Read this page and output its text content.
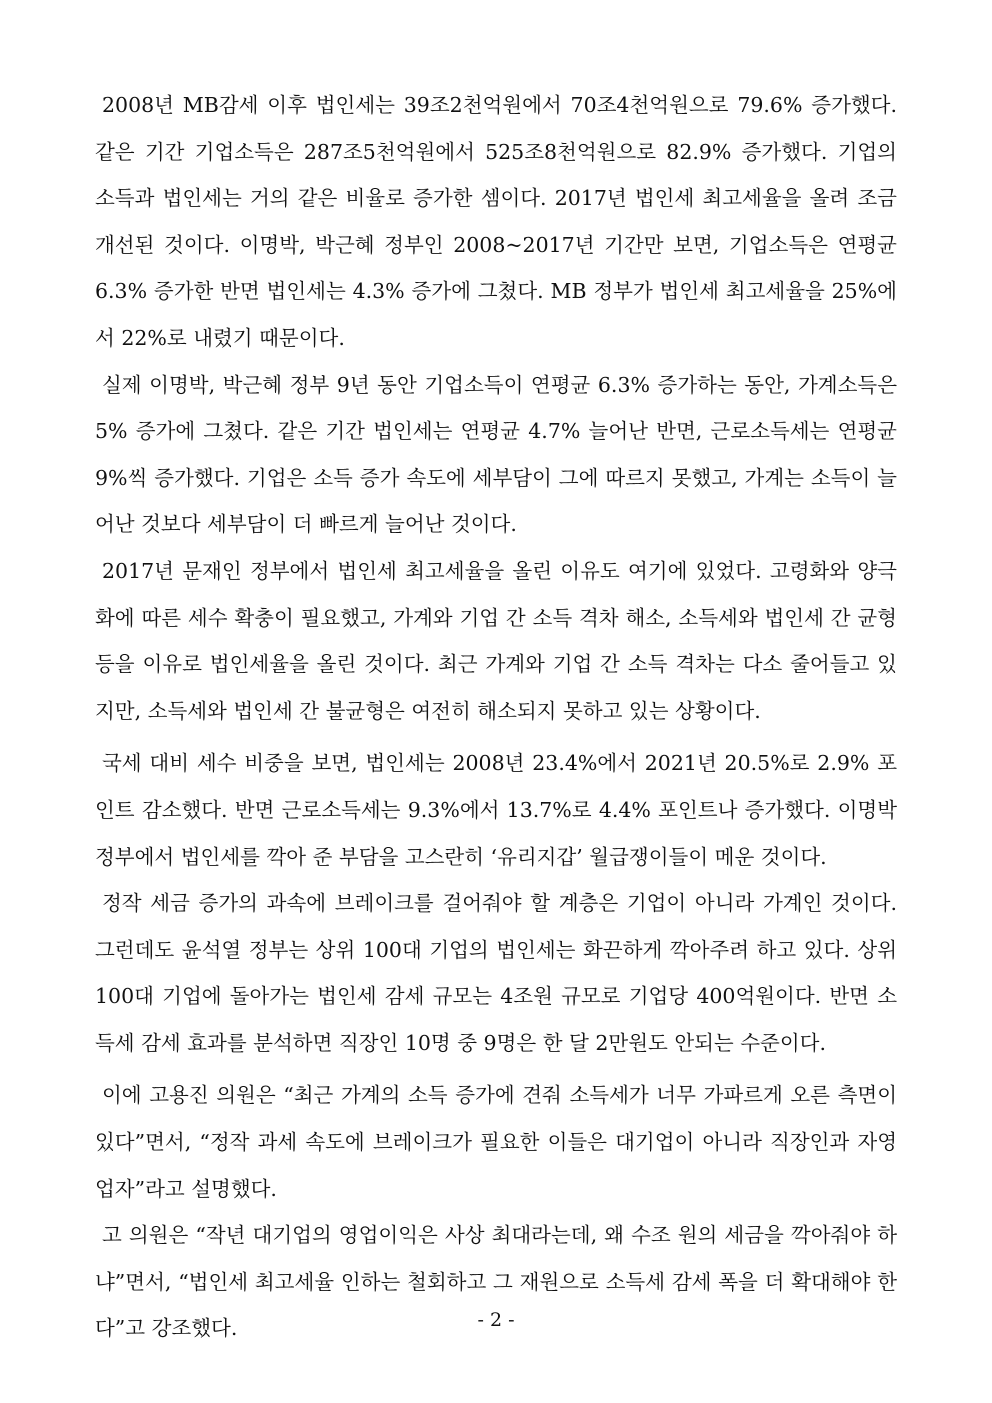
2008년 MB감세 이후 법인세는 39조2천억원에서 70조4천억원으로 79.6% 증가했다. 같은 기간 기업소득은 287조5천억원에서 525조8천억원으로 82.9% 증가했다. 기업의 소득과 법인세는 거의 같은 비율로 증가한 셈이다. 2017년 법인세 최고세율을 올려 조금 개선된 것이다. 이명박, 박근혜 정부인 2008~2017년 기간만 보면, 기업소득은 연평균 6.3% 증가한 반면 법인세는 4.3% 증가에 그쳤다. MB 정부가 법인세 최고세율을 25%에서 22%로 내렸기 때문이다.

실제 이명박, 박근혜 정부 9년 동안 기업소득이 연평균 6.3% 증가하는 동안, 가계소득은 5% 증가에 그쳤다. 같은 기간 법인세는 연평균 4.7% 늘어난 반면, 근로소득세는 연평균 9%씩 증가했다. 기업은 소득 증가 속도에 세부담이 그에 따르지 못했고, 가계는 소득이 늘어난 것보다 세부담이 더 빠르게 늘어난 것이다.

2017년 문재인 정부에서 법인세 최고세율을 올린 이유도 여기에 있었다. 고령화와 양극화에 따른 세수 확충이 필요했고, 가계와 기업 간 소득 격차 해소, 소득세와 법인세 간 균형 등을 이유로 법인세율을 올린 것이다. 최근 가계와 기업 간 소득 격차는 다소 줄어들고 있지만, 소득세와 법인세 간 불균형은 여전히 해소되지 못하고 있는 상황이다.

국세 대비 세수 비중을 보면, 법인세는 2008년 23.4%에서 2021년 20.5%로 2.9% 포인트 감소했다. 반면 근로소득세는 9.3%에서 13.7%로 4.4% 포인트나 증가했다. 이명박 정부에서 법인세를 깍아 준 부담을 고스란히 ‘유리지갑’ 월급쟁이들이 메운 것이다.

정작 세금 증가의 과속에 브레이크를 걸어줘야 할 계층은 기업이 아니라 가계인 것이다. 그런데도 윤석열 정부는 상위 100대 기업의 법인세는 화끈하게 깍아주려 하고 있다. 상위 100대 기업에 돌아가는 법인세 감세 규모는 4조원 규모로 기업당 400억원이다. 반면 소득세 감세 효과를 분석하면 직장인 10명 중 9명은 한 달 2만원도 안되는 수준이다.

이에 고용진 의원은 “최근 가계의 소득 증가에 견줘 소득세가 너무 가파르게 오른 측면이 있다”면서, “정작 과세 속도에 브레이크가 필요한 이들은 대기업이 아니라 직장인과 자영업자”라고 설명했다.

고 의원은 “작년 대기업의 영업이익은 사상 최대라는데, 왜 수조 원의 세금을 깍아줘야 하냐”면서, “법인세 최고세율 인하는 철회하고 그 재원으로 소득세 감세 폭을 더 확대해야 한다”고 강조했다.	- 2 -
